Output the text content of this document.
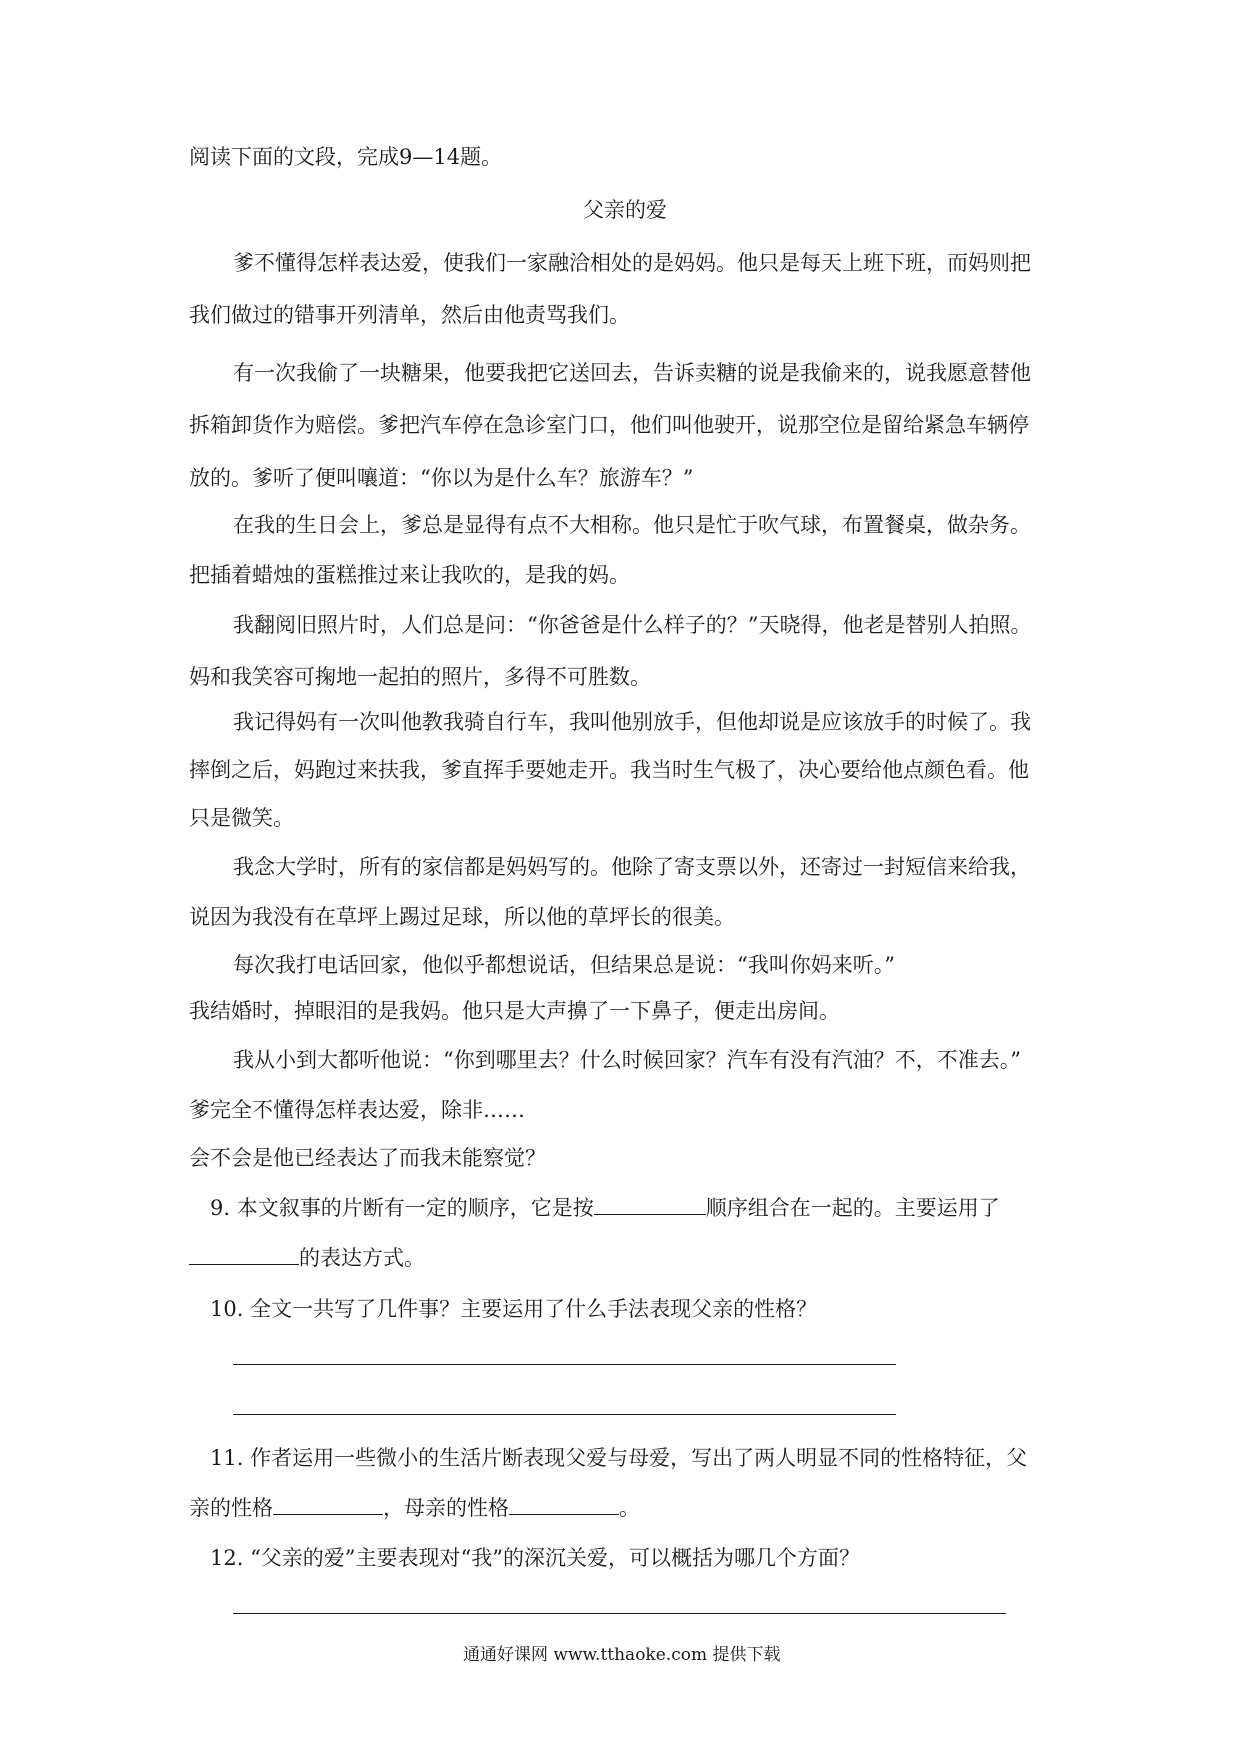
阅读下面的文段，完成9—14题。
父亲的爱
爹不懂得怎样表达爱，使我们一家融洽相处的是妈妈。他只是每天上班下班，而妈则把
我们做过的错事开列清单，然后由他责骂我们。
有一次我偷了一块糖果，他要我把它送回去，告诉卖糖的说是我偷来的，说我愿意替他
拆箱卸货作为赔偿。爹把汽车停在急诊室门口，他们叫他驶开，说那空位是留给紧急车辆停
放的。爹听了便叫嚷道：“你以为是什么车？旅游车？”
在我的生日会上，爹总是显得有点不大相称。他只是忙于吹气球，布置餐桌，做杂务。
把插着蜡烛的蛋糕推过来让我吹的，是我的妈。
我翻阅旧照片时，人们总是问：“你爸爸是什么样子的？”天晓得，他老是替别人拍照。
妈和我笑容可掬地一起拍的照片，多得不可胜数。
我记得妈有一次叫他教我骑自行车，我叫他别放手，但他却说是应该放手的时候了。我
摔倒之后，妈跑过来扶我，爹直挥手要她走开。我当时生气极了，决心要给他点颜色看。他
只是微笑。
我念大学时，所有的家信都是妈妈写的。他除了寄支票以外，还寄过一封短信来给我，
说因为我没有在草坪上踢过足球，所以他的草坪长的很美。
每次我打电话回家，他似乎都想说话，但结果总是说：“我叫你妈来听。”
我结婚时，掉眼泪的是我妈。他只是大声擤了一下鼻子，便走出房间。
我从小到大都听他说：“你到哪里去？什么时候回家？汽车有没有汽油？不，不准去。”
爹完全不懂得怎样表达爱，除非……
会不会是他已经表达了而我未能察觉？
9. 本文叙事的片断有一定的顺序，它是按	顺序组合在一起的。主要运用了
的表达方式。
10. 全文一共写了几件事？主要运用了什么手法表现父亲的性格？
11. 作者运用一些微小的生活片断表现父爱与母爱，写出了两人明显不同的性格特征，父
亲的性格	，母亲的性格	。
12. “父亲的爱”主要表现对“我”的深沉关爱，可以概括为哪几个方面？
通通好课网 www.tthaoke.com 提供下载
